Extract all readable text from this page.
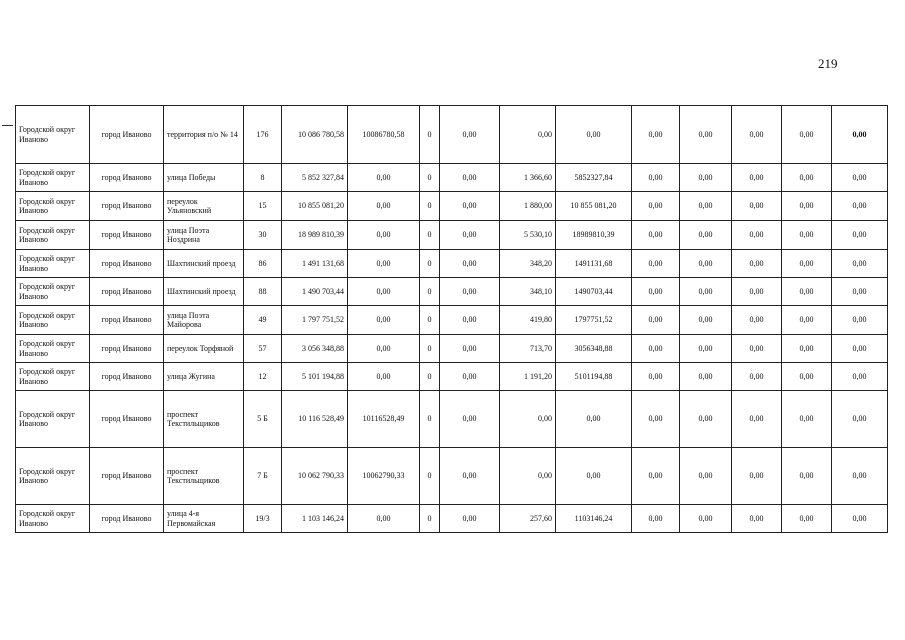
219
Городской округ Иваново	город Иваново	территория п/о № 14	176	10 086 780,58	10086780,58	0	0,00	0,00	0,00	0,00	0,00	0,00	0,00	0,00
Городской округ Иваново	город Иваново	улица Победы	8	5 852 327,84	0,00	0	0,00	1 366,60	5852327,84	0,00	0,00	0,00	0,00	0,00
Городской округ Иваново	город Иваново	переулок Ульяновский	15	10 855 081,20	0,00	0	0,00	1 880,00	10 855 081,20	0,00	0,00	0,00	0,00	0,00
Городской округ Иваново	город Иваново	улица Поэта Ноздрина	30	18 989 810,39	0,00	0	0,00	5 530,10	18989810,39	0,00	0,00	0,00	0,00	0,00
Городской округ Иваново	город Иваново	Шахтинский проезд	86	1 491 131,68	0,00	0	0,00	348,20	1491131,68	0,00	0,00	0,00	0,00	0,00
Городской округ Иваново	город Иваново	Шахтинский проезд	88	1 490 703,44	0,00	0	0,00	348,10	1490703,44	0,00	0,00	0,00	0,00	0,00
Городской округ Иваново	город Иваново	улица Поэта Майорова	49	1 797 751,52	0,00	0	0,00	419,80	1797751,52	0,00	0,00	0,00	0,00	0,00
Городской округ Иваново	город Иваново	переулок Торфяной	57	3 056 348,88	0,00	0	0,00	713,70	3056348,88	0,00	0,00	0,00	0,00	0,00
Городской округ Иваново	город Иваново	улица Жугина	12	5 101 194,88	0,00	0	0,00	1 191,20	5101194,88	0,00	0,00	0,00	0,00	0,00
Городской округ Иваново	город Иваново	проспект Текстильщиков	5 Б	10 116 528,49	10116528,49	0	0,00	0,00	0,00	0,00	0,00	0,00	0,00	0,00
Городской округ Иваново	город Иваново	проспект Текстильщиков	7 Б	10 062 790,33	10062790,33	0	0,00	0,00	0,00	0,00	0,00	0,00	0,00	0,00
Городской округ Иваново	город Иваново	улица 4-я Первомайская	19/3	1 103 146,24	0,00	0	0,00	257,60	1103146,24	0,00	0,00	0,00	0,00	0,00
